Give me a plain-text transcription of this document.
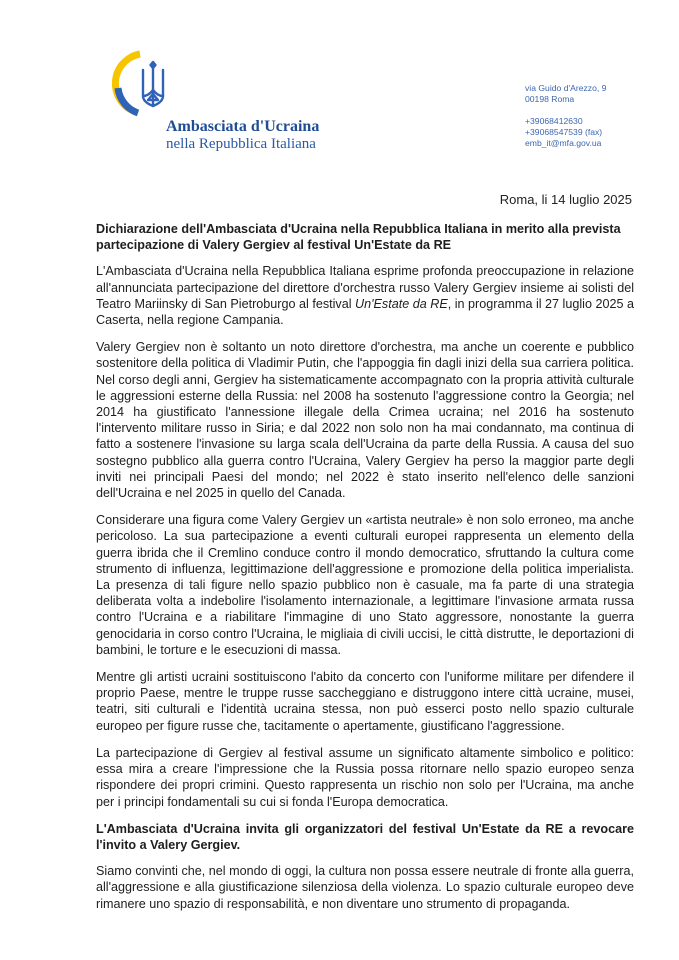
Ambasciata d'Ucraina
nella Repubblica Italiana
via Guido d'Arezzo, 9
00198 Roma
+39068412630
+39068547539 (fax)
emb_it@mfa.gov.ua
Roma, li 14 luglio 2025

Dichiarazione dell'Ambasciata d'Ucraina nella Repubblica Italiana in merito alla prevista partecipazione di Valery Gergiev al festival Un'Estate da RE

L'Ambasciata d'Ucraina nella Repubblica Italiana esprime profonda preoccupazione in relazione all'annunciata partecipazione del direttore d'orchestra russo Valery Gergiev insieme ai solisti del Teatro Mariinsky di San Pietroburgo al festival Un'Estate da RE, in programma il 27 luglio 2025 a Caserta, nella regione Campania.

Valery Gergiev non è soltanto un noto direttore d'orchestra, ma anche un coerente e pubblico sostenitore della politica di Vladimir Putin, che l'appoggia fin dagli inizi della sua carriera politica. Nel corso degli anni, Gergiev ha sistematicamente accompagnato con la propria attività culturale le aggressioni esterne della Russia: nel 2008 ha sostenuto l'aggressione contro la Georgia; nel 2014 ha giustificato l'annessione illegale della Crimea ucraina; nel 2016 ha sostenuto l'intervento militare russo in Siria; e dal 2022 non solo non ha mai condannato, ma continua di fatto a sostenere l'invasione su larga scala dell'Ucraina da parte della Russia. A causa del suo sostegno pubblico alla guerra contro l'Ucraina, Valery Gergiev ha perso la maggior parte degli inviti nei principali Paesi del mondo; nel 2022 è stato inserito nell'elenco delle sanzioni dell'Ucraina e nel 2025 in quello del Canada.

Considerare una figura come Valery Gergiev un «artista neutrale» è non solo erroneo, ma anche pericoloso. La sua partecipazione a eventi culturali europei rappresenta un elemento della guerra ibrida che il Cremlino conduce contro il mondo democratico, sfruttando la cultura come strumento di influenza, legittimazione dell'aggressione e promozione della politica imperialista. La presenza di tali figure nello spazio pubblico non è casuale, ma fa parte di una strategia deliberata volta a indebolire l'isolamento internazionale, a legittimare l'invasione armata russa contro l'Ucraina e a riabilitare l'immagine di uno Stato aggressore, nonostante la guerra genocidaria in corso contro l'Ucraina, le migliaia di civili uccisi, le città distrutte, le deportazioni di bambini, le torture e le esecuzioni di massa.

Mentre gli artisti ucraini sostituiscono l'abito da concerto con l'uniforme militare per difendere il proprio Paese, mentre le truppe russe saccheggiano e distruggono intere città ucraine, musei, teatri, siti culturali e l'identità ucraina stessa, non può esserci posto nello spazio culturale europeo per figure russe che, tacitamente o apertamente, giustificano l'aggressione.

La partecipazione di Gergiev al festival assume un significato altamente simbolico e politico: essa mira a creare l'impressione che la Russia possa ritornare nello spazio europeo senza rispondere dei propri crimini. Questo rappresenta un rischio non solo per l'Ucraina, ma anche per i principi fondamentali su cui si fonda l'Europa democratica.

L'Ambasciata d'Ucraina invita gli organizzatori del festival Un'Estate da RE a revocare l'invito a Valery Gergiev.

Siamo convinti che, nel mondo di oggi, la cultura non possa essere neutrale di fronte alla guerra, all'aggressione e alla giustificazione silenziosa della violenza. Lo spazio culturale europeo deve rimanere uno spazio di responsabilità, e non diventare uno strumento di propaganda.
